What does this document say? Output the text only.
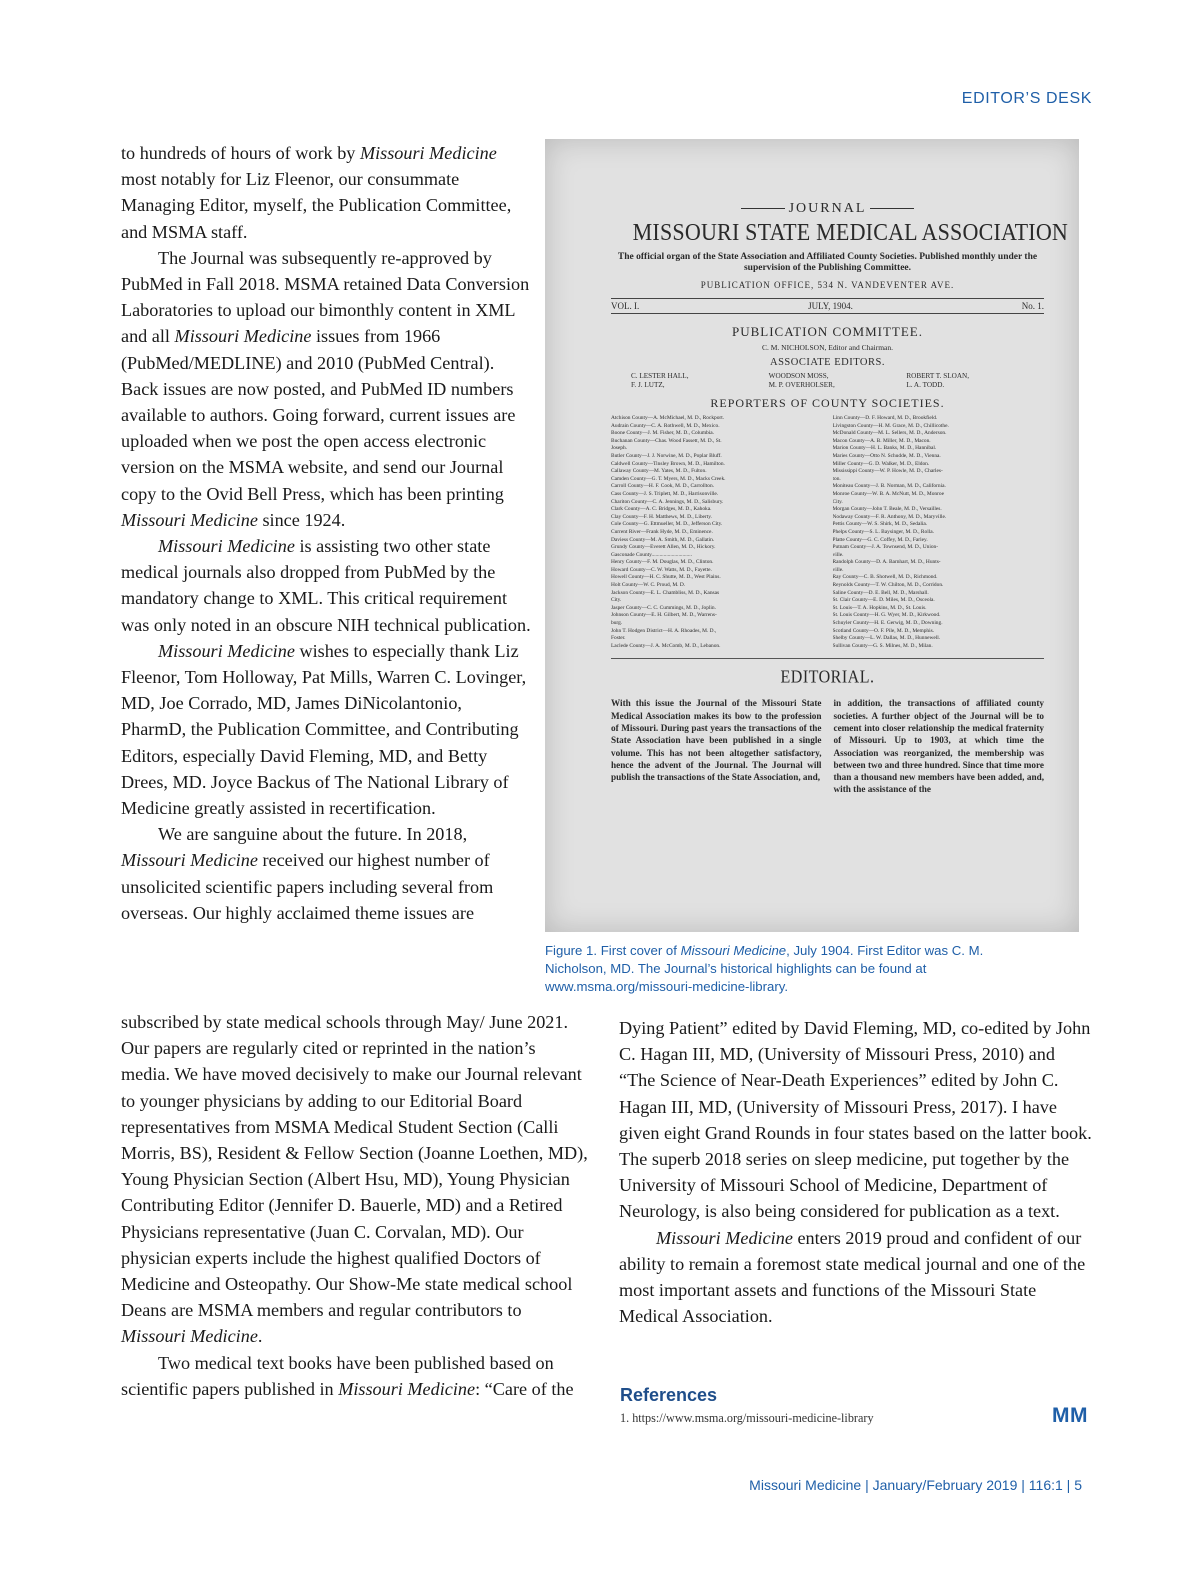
EDITOR’S DESK

to hundreds of hours of work by Missouri Medicine most notably for Liz Fleenor, our consummate Managing Editor, myself, the Publication Committee, and MSMA staff.

The Journal was subsequently re-approved by PubMed in Fall 2018. MSMA retained Data Conversion Laboratories to upload our bimonthly content in XML and all Missouri Medicine issues from 1966 (PubMed/MEDLINE) and 2010 (PubMed Central). Back issues are now posted, and PubMed ID numbers available to authors. Going forward, current issues are uploaded when we post the open access electronic version on the MSMA website, and send our Journal copy to the Ovid Bell Press, which has been printing Missouri Medicine since 1924.

Missouri Medicine is assisting two other state medical journals also dropped from PubMed by the mandatory change to XML. This critical requirement was only noted in an obscure NIH technical publication.

Missouri Medicine wishes to especially thank Liz Fleenor, Tom Holloway, Pat Mills, Warren C. Lovinger, MD, Joe Corrado, MD, James DiNicolantonio, PharmD, the Publication Committee, and Contributing Editors, especially David Fleming, MD, and Betty Drees, MD. Joyce Backus of The National Library of Medicine greatly assisted in recertification.

We are sanguine about the future. In 2018, Missouri Medicine received our highest number of unsolicited scientific papers including several from overseas. Our highly acclaimed theme issues are

subscribed by state medical schools through May/ June 2021. Our papers are regularly cited or reprinted in the nation’s media. We have moved decisively to make our Journal relevant to younger physicians by adding to our Editorial Board representatives from MSMA Medical Student Section (Calli Morris, BS), Resident & Fellow Section (Joanne Loethen, MD), Young Physician Section (Albert Hsu, MD), Young Physician Contributing Editor (Jennifer D. Bauerle, MD) and a Retired Physicians representative (Juan C. Corvalan, MD). Our physician experts include the highest qualified Doctors of Medicine and Osteopathy. Our Show-Me state medical school Deans are MSMA members and regular contributors to Missouri Medicine.

Two medical text books have been published based on scientific papers published in Missouri Medicine: “Care of the

JOURNAL
MISSOURI STATE MEDICAL ASSOCIATION
The official organ of the State Association and Affiliated County Societies. Published monthly under the supervision of the Publishing Committee.
PUBLICATION OFFICE, 534 N. VANDEVENTER AVE.
VOL. I.	JULY, 1904.	No. 1.
PUBLICATION COMMITTEE.
C. M. NICHOLSON, Editor and Chairman.
ASSOCIATE EDITORS.
C. LESTER HALL,	WOODSON MOSS,	ROBERT T. SLOAN,
F. J. LUTZ,	M. P. OVERHOLSER,	L. A. TODD.
REPORTERS OF COUNTY SOCIETIES.
Atchison County—A. McMichael, M. D., Rockport.
Audrain County—C. A. Rothwell, M. D., Mexico.
Boone County—J. M. Fisher, M. D., Columbia.
Buchanan County—Chas. Wood Fassett, M. D., St.
Joseph.
Butler County—J. J. Norwine, M. D., Poplar Bluff.
Caldwell County—Tinsley Brown, M. D., Hamilton.
Callaway County—M. Yates, M. D., Fulton.
Camden County—G. T. Myers, M. D., Macks Creek.
Carroll County—H. F. Cook, M. D., Carrollton.
Cass County—J. S. Triplett, M. D., Harrisonville.
Chariton County—C. A. Jennings, M. D., Salisbury.
Clark County—A. C. Bridges, M. D., Kahoka.
Clay County—F. H. Matthews, M. D., Liberty.
Cole County—G. Ettmueller, M. D., Jefferson City.
Current River—Frank Hyde, M. D., Eminence.
Daviess County—M. A. Smith, M. D., Gallatin.
Grundy County—Everett Allen, M. D., Hickory.
Gasconade County..............................
Henry County—F. M. Douglas, M. D., Clinton.
Howard County—C. W. Watts, M. D., Fayette.
Howell County—H. C. Shutte, M. D., West Plains.
Holt County—W. C. Proud, M. D.
Jackson County—E. L. Chambliss, M. D., Kansas
City.
Jasper County—C. C. Cummings, M. D., Joplin.
Johnson County—E. H. Gilbert, M. D., Warrens-
burg.
John T. Hodgen District—H. A. Rhoades, M. D.,
Foster.
Laclede County—J. A. McComb, M. D., Lebanon.
Linn County—D. F. Howard, M. D., Brookfield.
Livingston County—H. M. Grace, M. D., Chillicothe.
McDonald County—M. L. Sellers, M. D., Anderson.
Macon County—A. B. Miller, M. D., Macon.
Marion County—H. L. Banks, M. D., Hannibal.
Maries County—Otto N. Schudde, M. D., Vienna.
Miller County—G. D. Walker, M. D., Eldon.
Mississippi County—W. P. Howle, M. D., Charles-
ton.
Moniteau County—J. B. Norman, M. D., California.
Monroe County—W. B. A. McNutt, M. D., Monroe
City.
Morgan County—John T. Beale, M. D., Versailles.
Nodaway County—F. R. Anthony, M. D., Maryville.
Pettis County—W. S. Shirk, M. D., Sedalia.
Phelps County—S. L. Baysinger, M. D., Rolla.
Platte County—G. C. Coffey, M. D., Farley.
Putnam County—J. A. Townsend, M. D., Union-
ville.
Randolph County—D. A. Barnhart, M. D., Hunts-
ville.
Ray County—C. B. Shotwell, M. D., Richmond.
Reynolds County—T. W. Chilton, M. D., Corridon.
Saline County—D. E. Bell, M. D., Marshall.
St. Clair County—E. D. Miles, M. D., Osceola.
St. Louis—T. A. Hopkins, M. D., St. Louis.
St. Louis County—H. G. Wyer, M. D., Kirkwood.
Schuyler County—H. E. Gerwig, M. D., Downing.
Scotland County—O. F. Pile, M. D., Memphis.
Shelby County—L. W. Dallas, M. D., Hunnewell.
Sullivan County—G. S. Milnes, M. D., Milan.
EDITORIAL.
With this issue the Journal of the Missouri State Medical Association makes its bow to the profession of Missouri. During past years the transactions of the State Association have been published in a single volume. This has not been altogether satisfactory, hence the advent of the Journal. The Journal will publish the transactions of the State Association, and,
in addition, the transactions of affiliated county societies. A further object of the Journal will be to cement into closer relationship the medical fraternity of Missouri. Up to 1903, at which time the Association was reorganized, the membership was between two and three hundred. Since that time more than a thousand new members have been added, and, with the assistance of the
Figure 1. First cover of Missouri Medicine, July 1904. First Editor was C. M. Nicholson, MD. The Journal’s historical highlights can be found at www.msma.org/missouri-medicine-library.

Dying Patient” edited by David Fleming, MD, co-edited by John C. Hagan III, MD, (University of Missouri Press, 2010) and “The Science of Near-Death Experiences” edited by John C. Hagan III, MD, (University of Missouri Press, 2017). I have given eight Grand Rounds in four states based on the latter book. The superb 2018 series on sleep medicine, put together by the University of Missouri School of Medicine, Department of Neurology, is also being considered for publication as a text.

Missouri Medicine enters 2019 proud and confident of our ability to remain a foremost state medical journal and one of the most important assets and functions of the Missouri State Medical Association.

References
1. https://www.msma.org/missouri-medicine-library	MM
Missouri Medicine | January/February 2019 | 116:1 | 5
